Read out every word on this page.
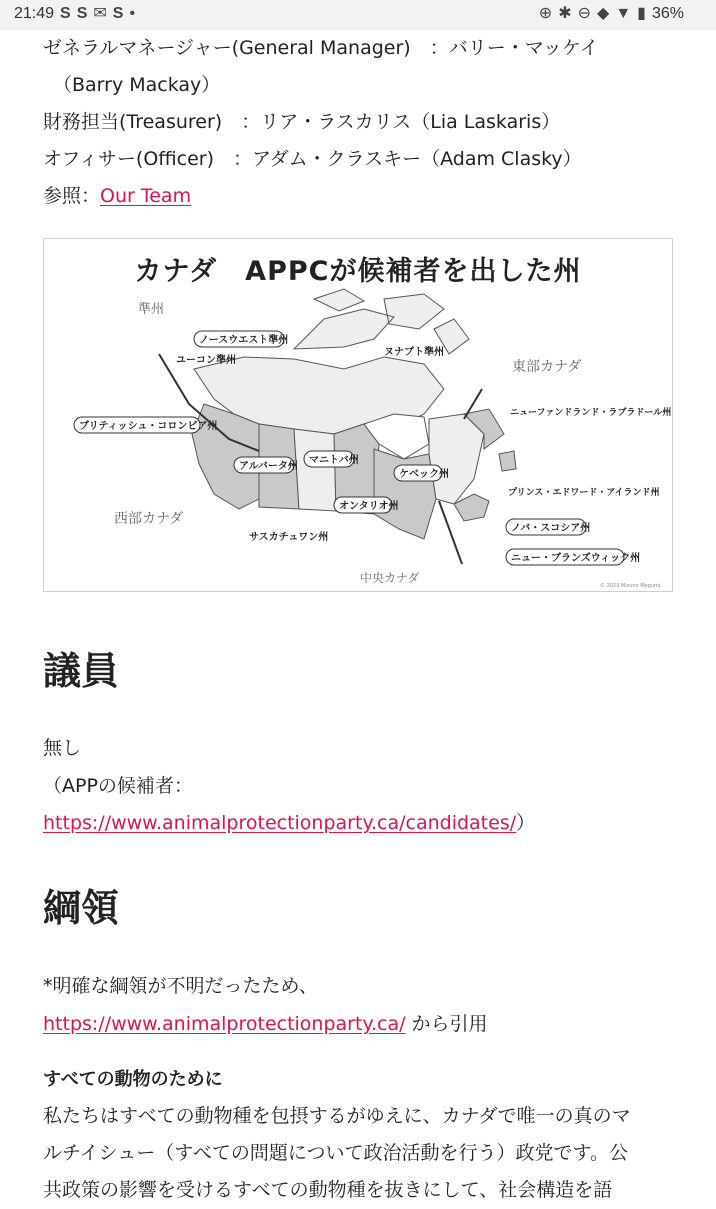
21:49 S S ✉ S •	⊕ ✱ ⊖ ◆ ▼ ▮ 36%
ゼネラルマネージャー(General Manager)　：バリー・マッケイ
（Barry Mackay）
財務担当(Treasurer)　：リア・ラスカリス（Lia Laskaris）
オフィサー(Officer)　：アダム・クラスキー（Adam Clasky）
参照：Our Team
カナダ　APPCが候補者を出した州
準州
ノースウエスト準州
ユーコン準州
ヌナブト準州
東部カナダ
ニューファンドランド・ラブラドール州
ブリティッシュ・コロンビア州
アルバータ州
マニトバ州
ケベック州
プリンス・エドワード・アイランド州
オンタリオ州
西部カナダ
ノバ・スコシア州
サスカチュワン州
ニュー・ブランズウィック州
中央カナダ
© 2023 Mizuno Megumi
議員
無し
（APPの候補者：
https://www.animalprotectionparty.ca/candidates/）
綱領
*明確な綱領が不明だったため、
https://www.animalprotectionparty.ca/ から引用
すべての動物のために
私たちはすべての動物種を包摂するがゆえに、カナダで唯一の真のマ
ルチイシュー（すべての問題について政治活動を行う）政党です。公
共政策の影響を受けるすべての動物種を抜きにして、社会構造を語
